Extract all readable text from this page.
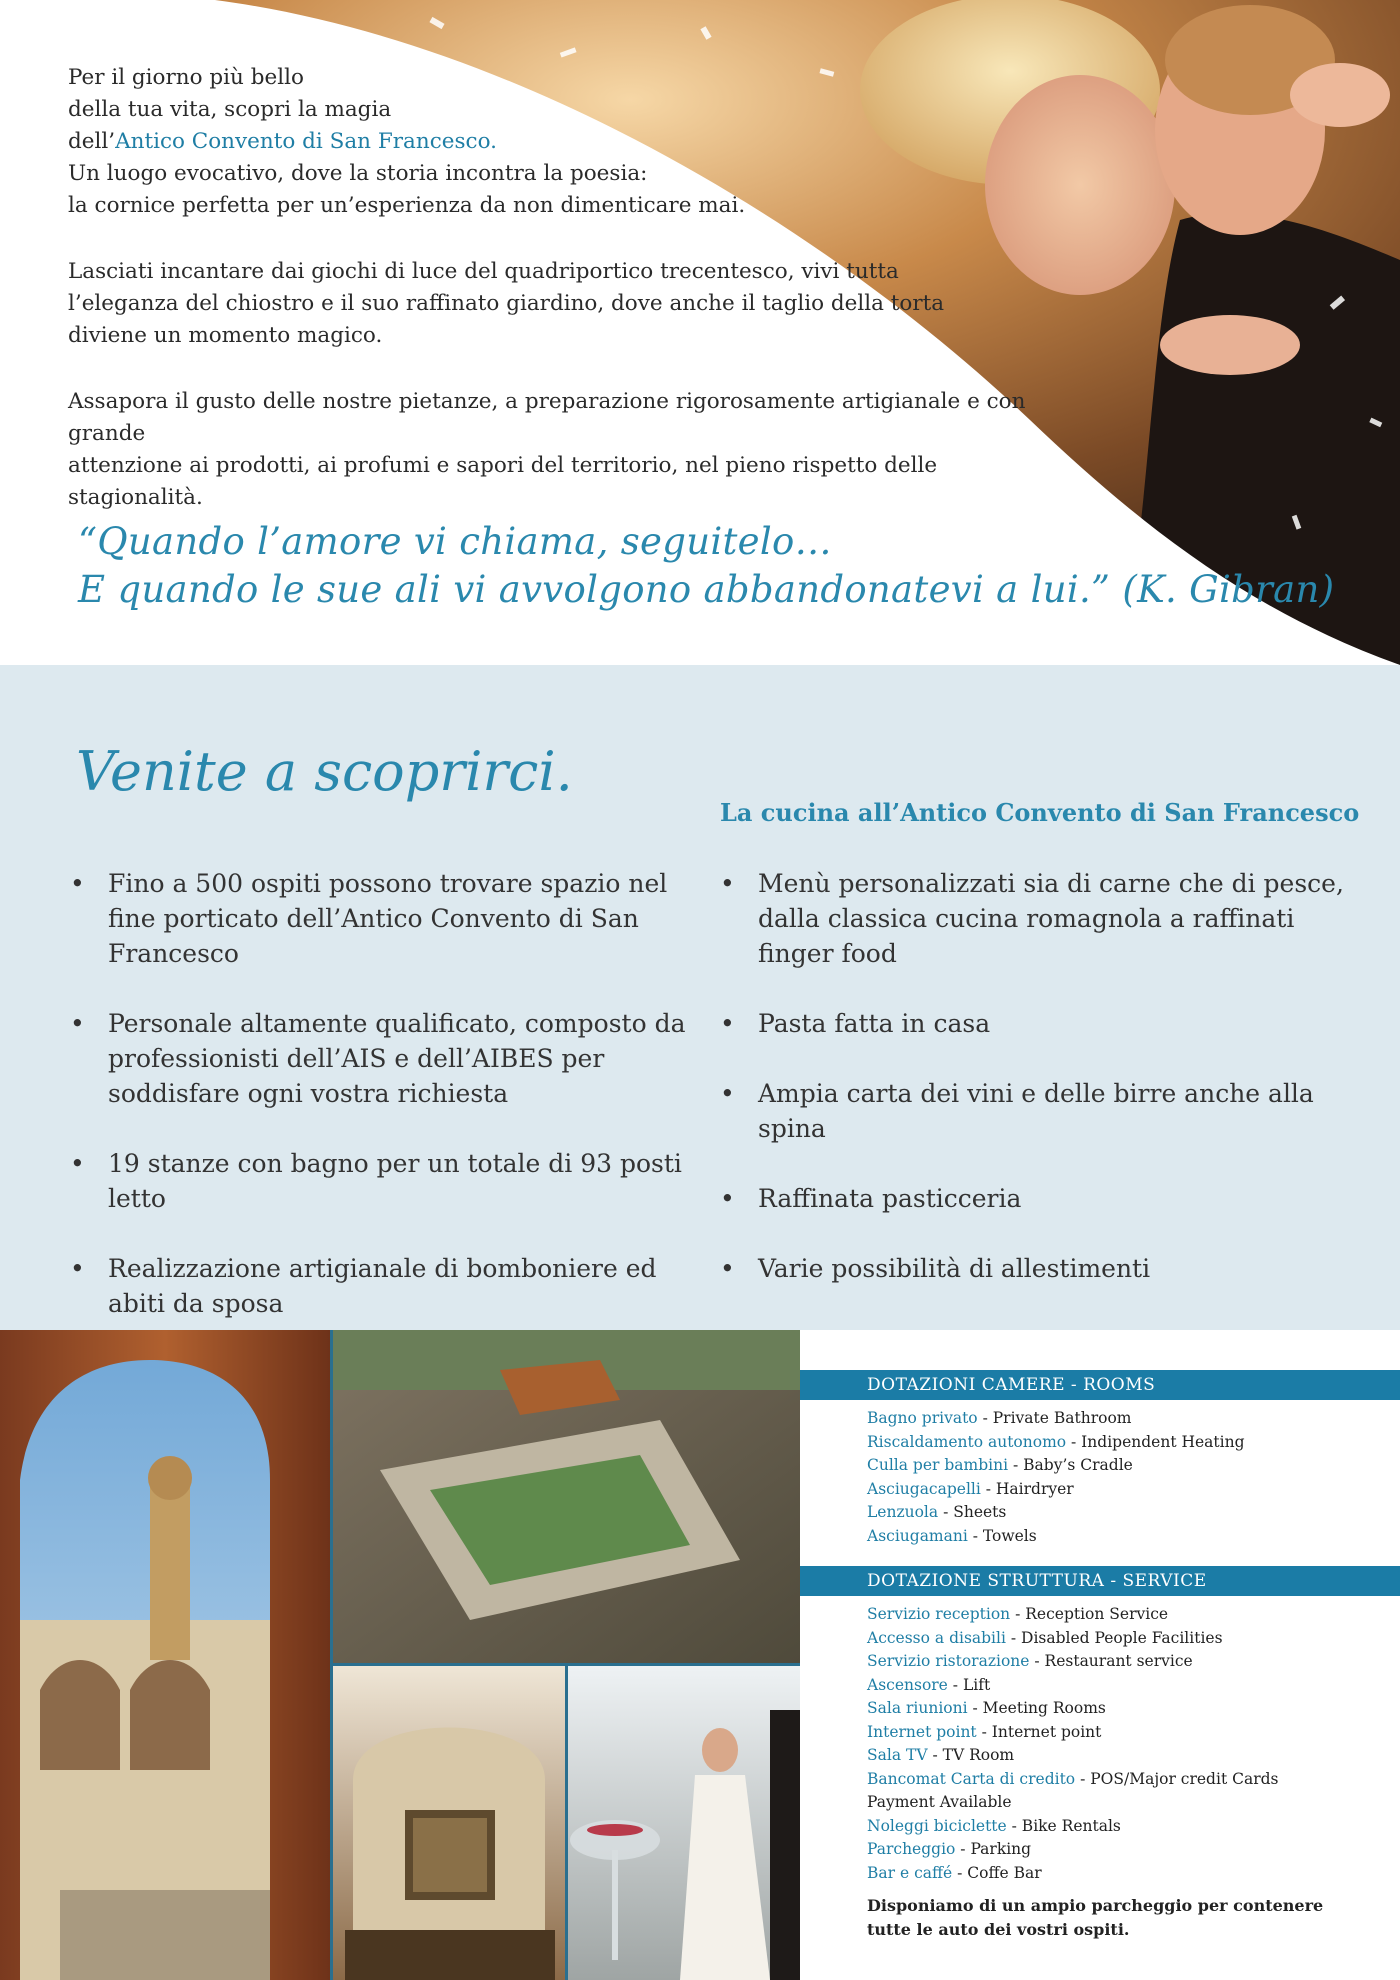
Per il giorno più bello
della tua vita, scopri la magia
dell’Antico Convento di San Francesco.
Un luogo evocativo, dove la storia incontra la poesia:
la cornice perfetta per un’esperienza da non dimenticare mai.

Lasciati incantare dai giochi di luce del quadriportico trecentesco, vivi tutta
l’eleganza del chiostro e il suo raffinato giardino, dove anche il taglio della torta
diviene un momento magico.

Assapora il gusto delle nostre pietanze, a preparazione rigorosamente artigianale e con grande
attenzione ai prodotti, ai profumi e sapori del territorio, nel pieno rispetto delle stagionalità.

“Quando l’amore vi chiama, seguitelo…
E quando le sue ali vi avvolgono abbandonatevi a lui.” (K. Gibran)
Venite a scoprirci.
La cucina all’Antico Convento di San Francesco
• Fino a 500 ospiti possono trovare spazio nel fine porticato dell’Antico Convento di San Francesco
• Personale altamente qualificato, composto da professionisti dell’AIS e dell’AIBES per soddisfare ogni vostra richiesta
• 19 stanze con bagno per un totale di 93 posti letto
• Realizzazione artigianale di bomboniere ed abiti da sposa
• Menù personalizzati sia di carne che di pesce, dalla classica cucina romagnola a raffinati finger food
• Pasta fatta in casa
• Ampia carta dei vini e delle birre anche alla spina
• Raffinata pasticceria
• Varie possibilità di allestimenti
DOTAZIONI CAMERE - ROOMS
Bagno privato - Private Bathroom
Riscaldamento autonomo - Indipendent Heating
Culla per bambini - Baby’s Cradle
Asciugacapelli - Hairdryer
Lenzuola - Sheets
Asciugamani - Towels
DOTAZIONE STRUTTURA - SERVICE
Servizio reception - Reception Service
Accesso a disabili - Disabled People Facilities
Servizio ristorazione - Restaurant service
Ascensore - Lift
Sala riunioni - Meeting Rooms
Internet point - Internet point
Sala TV - TV Room
Bancomat Carta di credito - POS/Major credit Cards
Payment Available
Noleggi biciclette - Bike Rentals
Parcheggio - Parking
Bar e caffé - Coffe Bar
Disponiamo di un ampio parcheggio per contenere
tutte le auto dei vostri ospiti.
